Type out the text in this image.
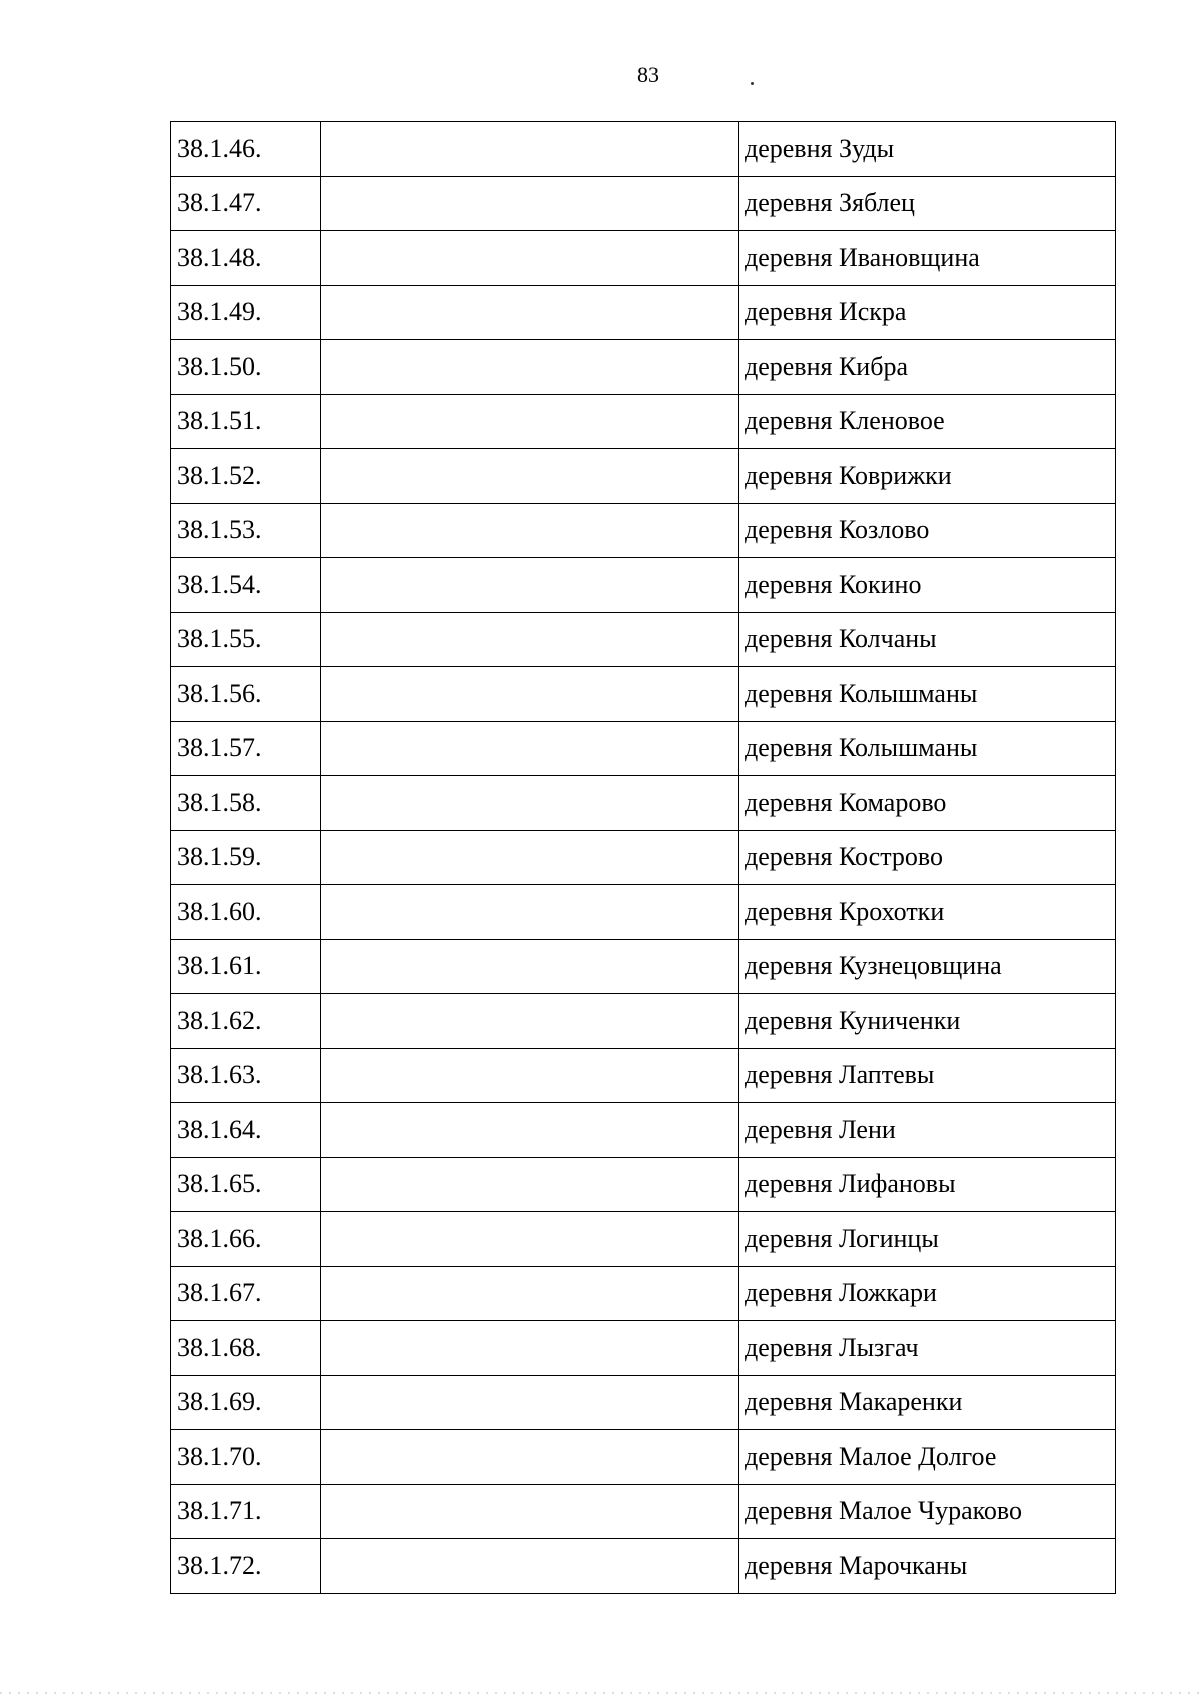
83
38.1.46.		деревня Зуды
38.1.47.		деревня Зяблец
38.1.48.		деревня Ивановщина
38.1.49.		деревня Искра
38.1.50.		деревня Кибра
38.1.51.		деревня Кленовое
38.1.52.		деревня Коврижки
38.1.53.		деревня Козлово
38.1.54.		деревня Кокино
38.1.55.		деревня Колчаны
38.1.56.		деревня Колышманы
38.1.57.		деревня Колышманы
38.1.58.		деревня Комарово
38.1.59.		деревня Кострово
38.1.60.		деревня Крохотки
38.1.61.		деревня Кузнецовщина
38.1.62.		деревня Куниченки
38.1.63.		деревня Лаптевы
38.1.64.		деревня Лени
38.1.65.		деревня Лифановы
38.1.66.		деревня Логинцы
38.1.67.		деревня Ложкари
38.1.68.		деревня Лызгач
38.1.69.		деревня Макаренки
38.1.70.		деревня Малое Долгое
38.1.71.		деревня Малое Чураково
38.1.72.		деревня Марочканы
